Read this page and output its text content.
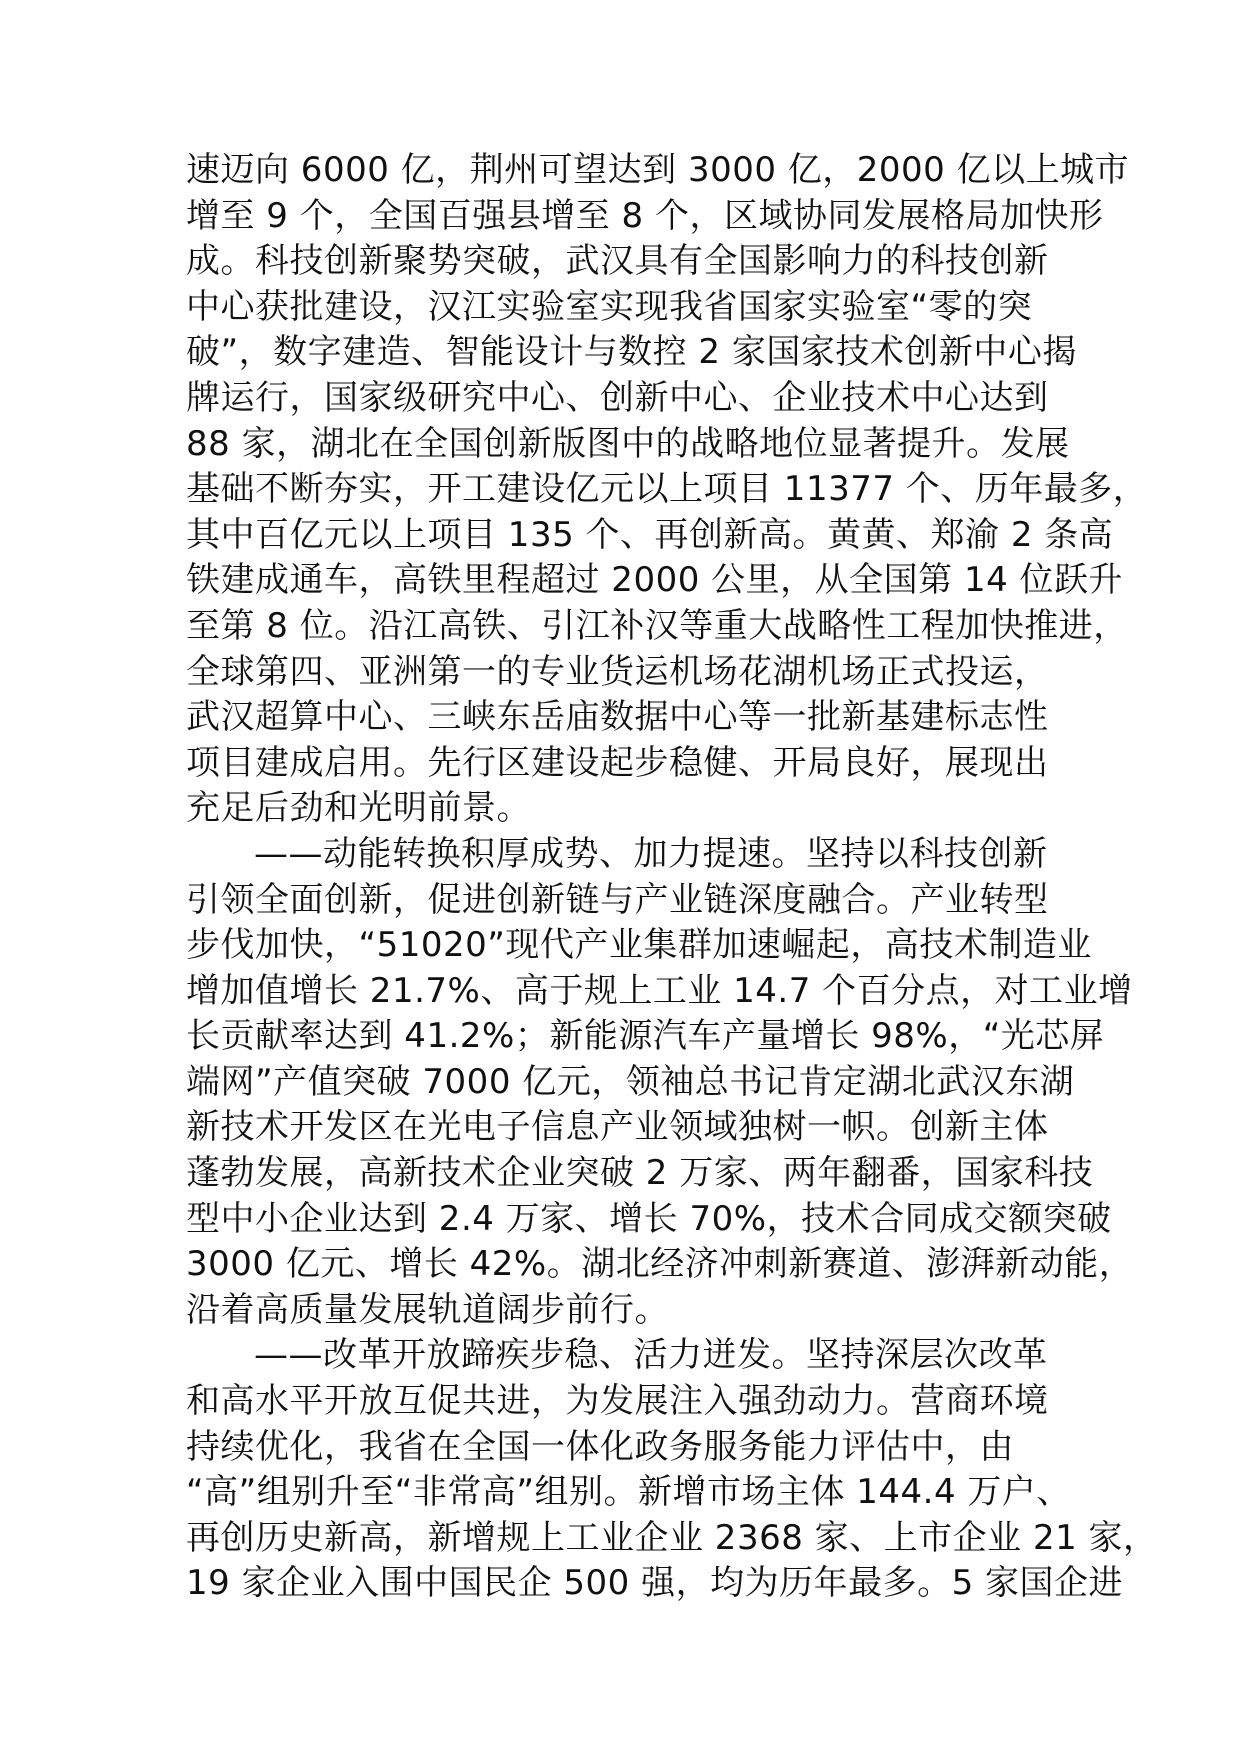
速迈向 6000 亿，荆州可望达到 3000 亿，2000 亿以上城市
增至 9 个，全国百强县增至 8 个，区域协同发展格局加快形
成。科技创新聚势突破，武汉具有全国影响力的科技创新
中心获批建设，汉江实验室实现我省国家实验室“零的突
破”，数字建造、智能设计与数控 2 家国家技术创新中心揭
牌运行，国家级研究中心、创新中心、企业技术中心达到
88 家，湖北在全国创新版图中的战略地位显著提升。发展
基础不断夯实，开工建设亿元以上项目 11377 个、历年最多，
其中百亿元以上项目 135 个、再创新高。黄黄、郑渝 2 条高
铁建成通车，高铁里程超过 2000 公里，从全国第 14 位跃升
至第 8 位。沿江高铁、引江补汉等重大战略性工程加快推进，
全球第四、亚洲第一的专业货运机场花湖机场正式投运，
武汉超算中心、三峡东岳庙数据中心等一批新基建标志性
项目建成启用。先行区建设起步稳健、开局良好，展现出
充足后劲和光明前景。
——动能转换积厚成势、加力提速。坚持以科技创新
引领全面创新，促进创新链与产业链深度融合。产业转型
步伐加快，“51020”现代产业集群加速崛起，高技术制造业
增加值增长 21.7%、高于规上工业 14.7 个百分点，对工业增
长贡献率达到 41.2%；新能源汽车产量增长 98%，“光芯屏
端网”产值突破 7000 亿元，领袖总书记肯定湖北武汉东湖
新技术开发区在光电子信息产业领域独树一帜。创新主体
蓬勃发展，高新技术企业突破 2 万家、两年翻番，国家科技
型中小企业达到 2.4 万家、增长 70%，技术合同成交额突破
3000 亿元、增长 42%。湖北经济冲刺新赛道、澎湃新动能，
沿着高质量发展轨道阔步前行。
——改革开放蹄疾步稳、活力迸发。坚持深层次改革
和高水平开放互促共进，为发展注入强劲动力。营商环境
持续优化，我省在全国一体化政务服务能力评估中，由
“高”组别升至“非常高”组别。新增市场主体 144.4 万户、
再创历史新高，新增规上工业企业 2368 家、上市企业 21 家，
19 家企业入围中国民企 500 强，均为历年最多。5 家国企进
